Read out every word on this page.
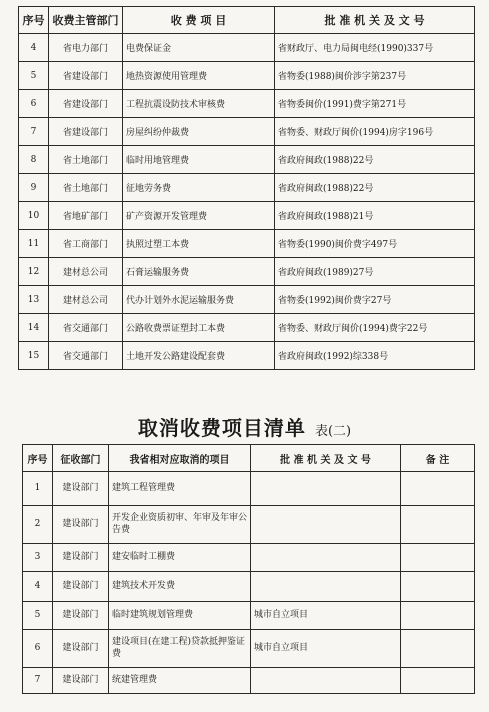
序号	收费主管部门	收 费 项 目	批 准 机 关 及 文 号
4	省电力部门	电费保证金	省财政厅、电力局闽电经(1990)337号
5	省建设部门	地热资源使用管理费	省物委(1988)闽价涉字第237号
6	省建设部门	工程抗震设防技术审核费	省物委闽价(1991)费字第271号
7	省建设部门	房屋纠纷仲裁费	省物委、财政厅闽价(1994)房字196号
8	省土地部门	临时用地管理费	省政府闽政(1988)22号
9	省土地部门	征地劳务费	省政府闽政(1988)22号
10	省地矿部门	矿产资源开发管理费	省政府闽政(1988)21号
11	省工商部门	执照过塑工本费	省物委(1990)闽价费字497号
12	建材总公司	石膏运输服务费	省政府闽政(1989)27号
13	建材总公司	代办计划外水泥运输服务费	省物委(1992)闽价费字27号
14	省交通部门	公路收费票证塑封工本费	省物委、财政厅闽价(1994)费字22号
15	省交通部门	土地开发公路建设配套费	省政府闽政(1992)综338号
取消收费项目清单 表(二)
序号	征收部门	我省相对应取消的项目	批 准 机 关 及 文 号	备 注
1	建设部门	建筑工程管理费		
2	建设部门	开发企业资质初审、年审及年审公告费		
3	建设部门	建安临时工棚费		
4	建设部门	建筑技术开发费		
5	建设部门	临时建筑规划管理费	城市自立项目	
6	建设部门	建设项目(在建工程)贷款抵押鉴证费	城市自立项目	
7	建设部门	统建管理费		
